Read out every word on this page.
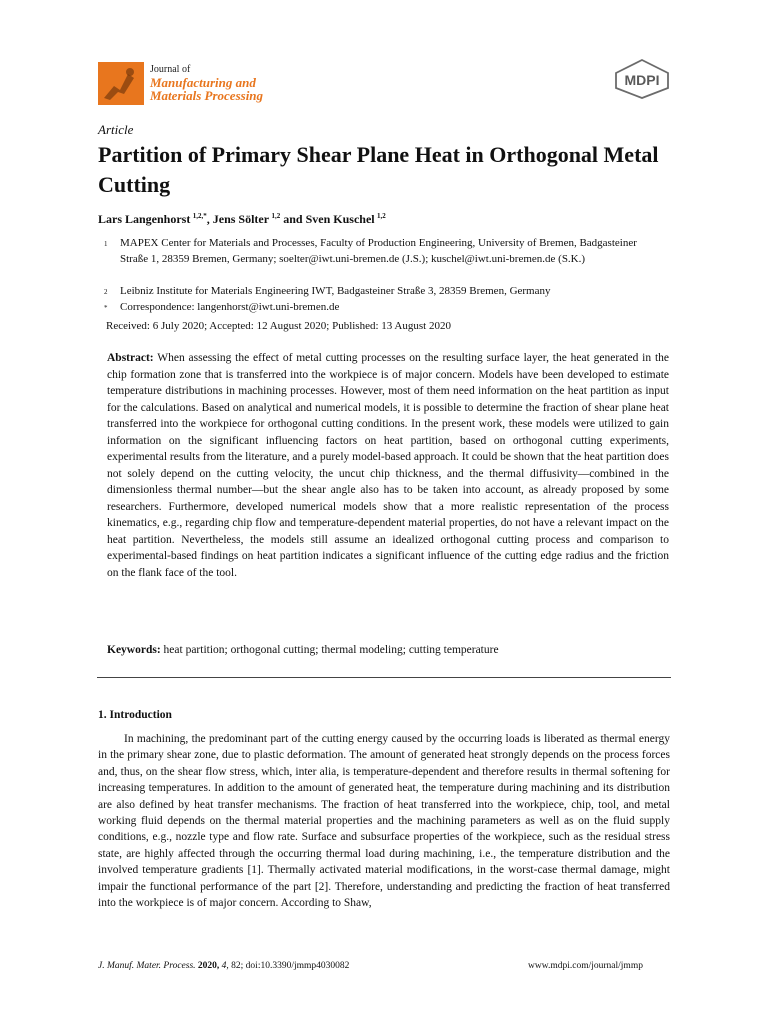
Journal of
Manufacturing and
Materials Processing
MDPI
Article
Partition of Primary Shear Plane Heat in Orthogonal Metal Cutting
Lars Langenhorst  $^{1,2,*}$, Jens Sölter  $^{1,2}$ and Sven Kuschel  $^{1,2}$
1	MAPEX Center for Materials and Processes, Faculty of Production Engineering, University of Bremen, Badgasteiner Straße 1, 28359 Bremen, Germany; soelter@iwt.uni-bremen.de (J.S.); kuschel@iwt.uni-bremen.de (S.K.)
2	Leibniz Institute for Materials Engineering IWT, Badgasteiner Straße 3, 28359 Bremen, Germany
*	Correspondence: langenhorst@iwt.uni-bremen.de
Received: 6 July 2020; Accepted: 12 August 2020; Published: 13 August 2020
Abstract: When assessing the effect of metal cutting processes on the resulting surface layer, the heat generated in the chip formation zone that is transferred into the workpiece is of major concern. Models have been developed to estimate temperature distributions in machining processes. However, most of them need information on the heat partition as input for the calculations. Based on analytical and numerical models, it is possible to determine the fraction of shear plane heat transferred into the workpiece for orthogonal cutting conditions. In the present work, these models were utilized to gain information on the significant influencing factors on heat partition, based on orthogonal cutting experiments, experimental results from the literature, and a purely model-based approach. It could be shown that the heat partition does not solely depend on the cutting velocity, the uncut chip thickness, and the thermal diffusivity—combined in the dimensionless thermal number—but the shear angle also has to be taken into account, as already proposed by some researchers. Furthermore, developed numerical models show that a more realistic representation of the process kinematics, e.g., regarding chip flow and temperature-dependent material properties, do not have a relevant impact on the heat partition. Nevertheless, the models still assume an idealized orthogonal cutting process and comparison to experimental-based findings on heat partition indicates a significant influence of the cutting edge radius and the friction on the flank face of the tool.
Keywords: heat partition; orthogonal cutting; thermal modeling; cutting temperature
1. Introduction
In machining, the predominant part of the cutting energy caused by the occurring loads is liberated as thermal energy in the primary shear zone, due to plastic deformation. The amount of generated heat strongly depends on the process forces and, thus, on the shear flow stress, which, inter alia, is temperature-dependent and therefore results in thermal softening for increasing temperatures. In addition to the amount of generated heat, the temperature during machining and its distribution are also defined by heat transfer mechanisms. The fraction of heat transferred into the workpiece, chip, tool, and metal working fluid depends on the thermal material properties and the machining parameters as well as on the fluid supply conditions, e.g., nozzle type and flow rate. Surface and subsurface properties of the workpiece, such as the residual stress state, are highly affected through the occurring thermal load during machining, i.e., the temperature distribution and the involved temperature gradients [1]. Thermally activated material modifications, in the worst-case thermal damage, might impair the functional performance of the part [2]. Therefore, understanding and predicting the fraction of heat transferred into the workpiece is of major concern. According to Shaw,
J. Manuf. Mater. Process. 2020, 4, 82; doi:10.3390/jmmp4030082	www.mdpi.com/journal/jmmp
